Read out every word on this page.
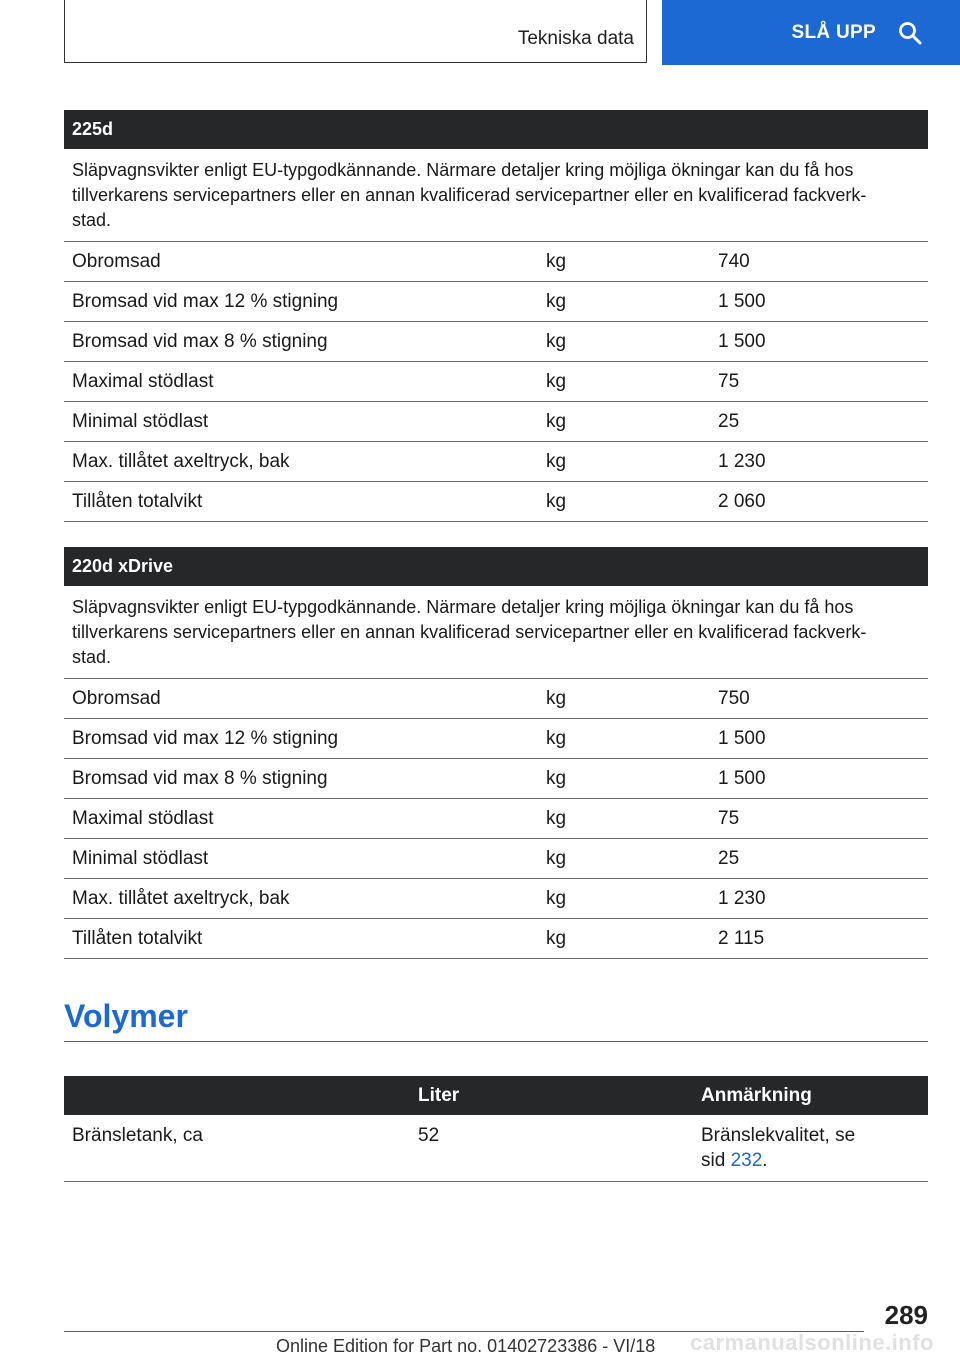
Tekniska data	SLÅ UPP
225d
Släpvagnsvikter enligt EU-typgodkännande. Närmare detaljer kring möjliga ökningar kan du få hos tillverkarens servicepartners eller en annan kvalificerad servicepartner eller en kvalificerad fackverk-stad.
Obromsad	kg	740
Bromsad vid max 12 % stigning	kg	1 500
Bromsad vid max 8 % stigning	kg	1 500
Maximal stödlast	kg	75
Minimal stödlast	kg	25
Max. tillåtet axeltryck, bak	kg	1 230
Tillåten totalvikt	kg	2 060
220d xDrive
Släpvagnsvikter enligt EU-typgodkännande. Närmare detaljer kring möjliga ökningar kan du få hos tillverkarens servicepartners eller en annan kvalificerad servicepartner eller en kvalificerad fackverk-stad.
Obromsad	kg	750
Bromsad vid max 12 % stigning	kg	1 500
Bromsad vid max 8 % stigning	kg	1 500
Maximal stödlast	kg	75
Minimal stödlast	kg	25
Max. tillåtet axeltryck, bak	kg	1 230
Tillåten totalvikt	kg	2 115
Volymer
	Liter	Anmärkning
Bränsletank, ca	52	Bränslekvalitet, se
sid 232.
289
Online Edition for Part no. 01402723386 - VI/18 carmanualsonline.info
